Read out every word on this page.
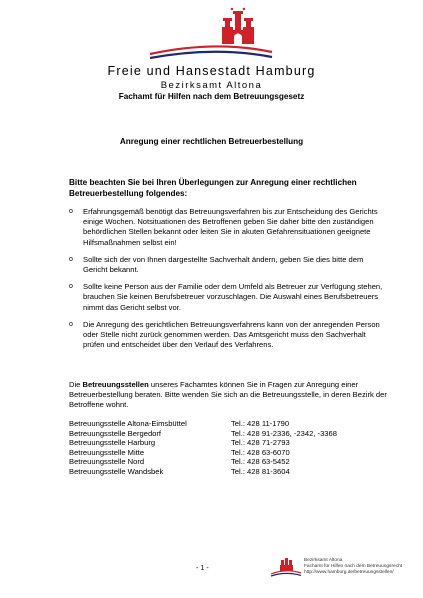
Freie und Hansestadt Hamburg
Bezirksamt Altona
Fachamt für Hilfen nach dem Betreuungsgesetz
Anregung einer rechtlichen Betreuerbestellung
Bitte beachten Sie bei Ihren Überlegungen zur Anregung einer rechtlichen Betreuerbestellung folgendes:
o Erfahrungsgemäß benötigt das Betreuungsverfahren bis zur Entscheidung des Gerichts einige Wochen. Notsituationen des Betroffenen geben Sie daher bitte den zuständigen behördlichen Stellen bekannt oder leiten Sie in akuten Gefahrensituationen geeignete Hilfsmaßnahmen selbst ein!
o Sollte sich der von Ihnen dargestellte Sachverhalt ändern, geben Sie dies bitte dem Gericht bekannt.
o Sollte keine Person aus der Familie oder dem Umfeld als Betreuer zur Verfügung stehen, brauchen Sie keinen Berufsbetreuer vorzuschlagen. Die Auswahl eines Berufsbetreuers nimmt das Gericht selbst vor.
o Die Anregung des gerichtlichen Betreuungsverfahrens kann von der anregenden Person oder Stelle nicht zurück genommen werden. Das Amtsgericht muss den Sachverhalt prüfen und entscheidet über den Verlauf des Verfahrens.
Die Betreuungsstellen unseres Fachamtes können Sie in Fragen zur Anregung einer Betreuerbestellung beraten. Bitte wenden Sie sich an die Betreuungsstelle, in deren Bezirk der Betroffene wohnt.
Betreuungsstelle Altona-Eimsbüttel	Tel.: 428 11-1790
Betreuungsstelle Bergedorf	Tel.: 428 91-2336, -2342, -3368
Betreuungsstelle Harburg	Tel.: 428 71-2793
Betreuungsstelle Mitte	Tel.: 428 63-6070
Betreuungsstelle Nord	Tel.: 428 63-5452
Betreuungsstelle Wandsbek	Tel.: 428 81-3604
- 1 -
Bezirksamt Altona
Fachamt für Hilfen nach dem Betreuungsrecht
http://www.hamburg.de/betreuungsstellen/
